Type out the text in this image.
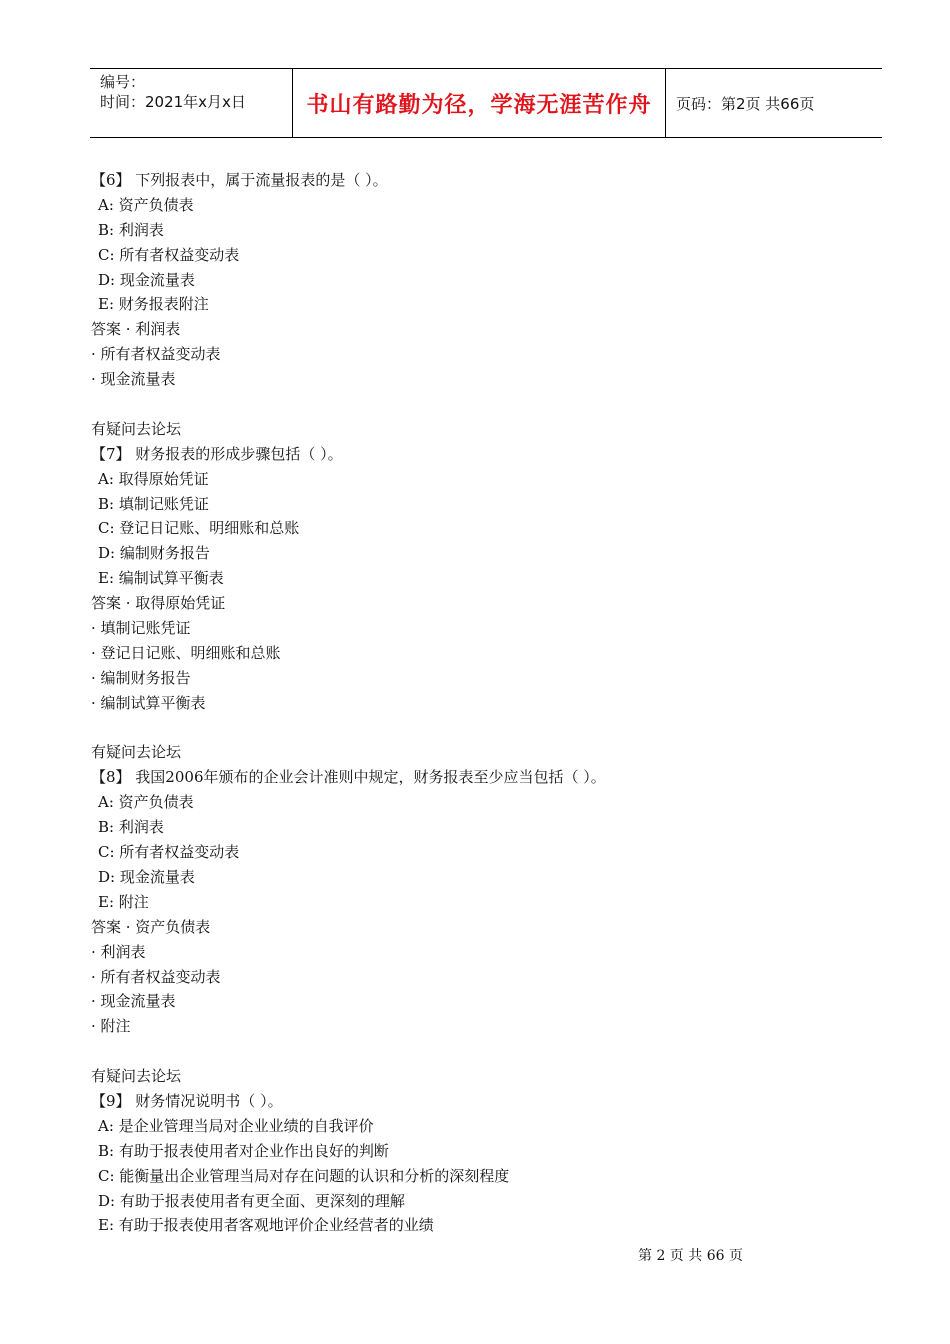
编号：
时间：2021年x月x日	书山有路勤为径，学海无涯苦作舟 页码：第2页 共66页
【6】 下列报表中，属于流量报表的是（ ）。
A: 资产负债表
B: 利润表
C: 所有者权益变动表
D: 现金流量表
E: 财务报表附注
答案 · 利润表
· 所有者权益变动表
· 现金流量表
有疑问去论坛
【7】 财务报表的形成步骤包括（ ）。
A: 取得原始凭证
B: 填制记账凭证
C: 登记日记账、明细账和总账
D: 编制财务报告
E: 编制试算平衡表
答案 · 取得原始凭证
· 填制记账凭证
· 登记日记账、明细账和总账
· 编制财务报告
· 编制试算平衡表
有疑问去论坛
【8】 我国2006年颁布的企业会计准则中规定，财务报表至少应当包括（ ）。
A: 资产负债表
B: 利润表
C: 所有者权益变动表
D: 现金流量表
E: 附注
答案 · 资产负债表
· 利润表
· 所有者权益变动表
· 现金流量表
· 附注
有疑问去论坛
【9】 财务情况说明书（ ）。
A: 是企业管理当局对企业业绩的自我评价
B: 有助于报表使用者对企业作出良好的判断
C: 能衡量出企业管理当局对存在问题的认识和分析的深刻程度
D: 有助于报表使用者有更全面、更深刻的理解
E: 有助于报表使用者客观地评价企业经营者的业绩
第 2 页 共 66 页
